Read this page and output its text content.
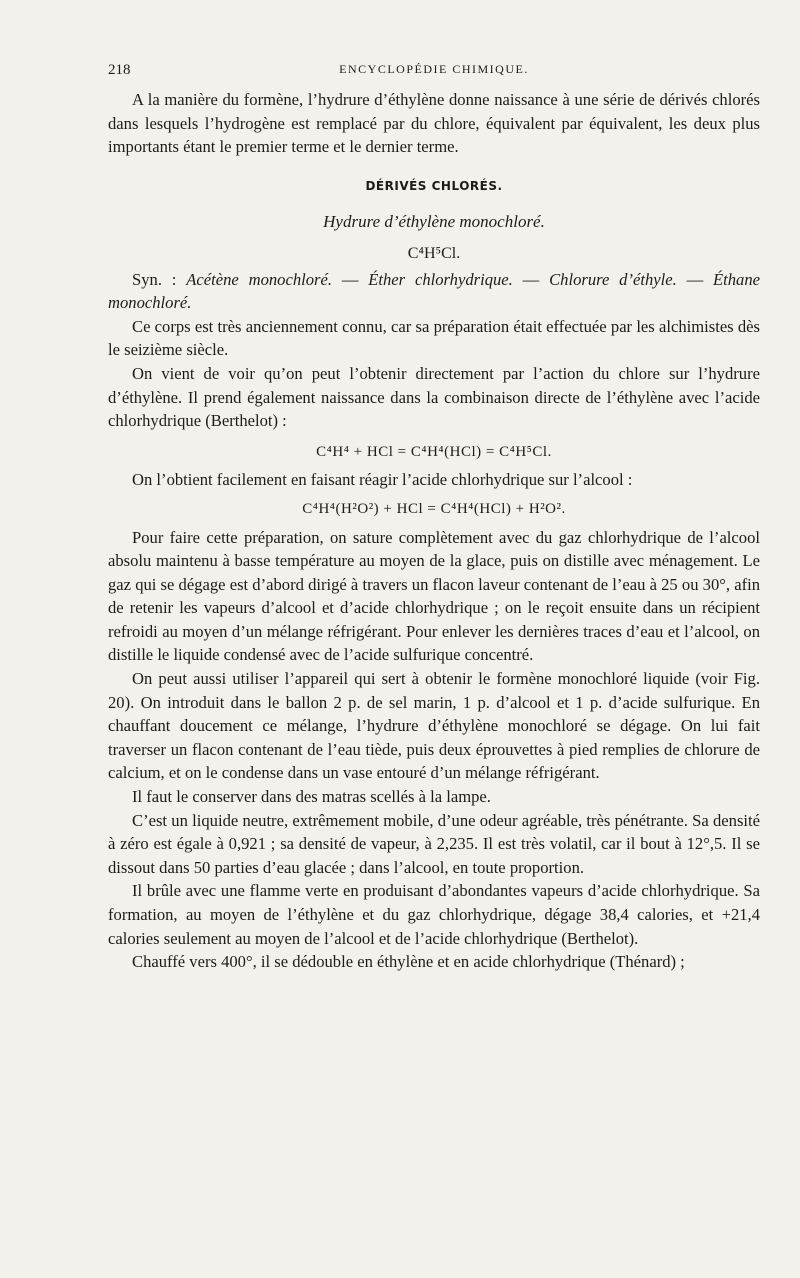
218	ENCYCLOPÉDIE CHIMIQUE.

A la manière du formène, l’hydrure d’éthylène donne naissance à une série de dérivés chlorés dans lesquels l’hydrogène est remplacé par du chlore, équivalent par équivalent, les deux plus importants étant le premier terme et le dernier terme.

DÉRIVÉS CHLORÉS.
Hydrure d’éthylène monochloré.
C⁴H⁵Cl.

Syn. : Acétène monochloré. — Éther chlorhydrique. — Chlorure d’éthyle. — Éthane monochloré.

Ce corps est très anciennement connu, car sa préparation était effectuée par les alchimistes dès le seizième siècle.

On vient de voir qu’on peut l’obtenir directement par l’action du chlore sur l’hydrure d’éthylène. Il prend également naissance dans la combinaison directe de l’éthylène avec l’acide chlorhydrique (Berthelot) :

C⁴H⁴ + HCl = C⁴H⁴(HCl) = C⁴H⁵Cl.

On l’obtient facilement en faisant réagir l’acide chlorhydrique sur l’alcool :

C⁴H⁴(H²O²) + HCl = C⁴H⁴(HCl) + H²O².

Pour faire cette préparation, on sature complètement avec du gaz chlorhydrique de l’alcool absolu maintenu à basse température au moyen de la glace, puis on distille avec ménagement. Le gaz qui se dégage est d’abord dirigé à travers un flacon laveur contenant de l’eau à 25 ou 30°, afin de retenir les vapeurs d’alcool et d’acide chlorhydrique ; on le reçoit ensuite dans un récipient refroidi au moyen d’un mélange réfrigérant. Pour enlever les dernières traces d’eau et l’alcool, on distille le liquide condensé avec de l’acide sulfurique concentré.

On peut aussi utiliser l’appareil qui sert à obtenir le formène monochloré liquide (voir Fig. 20). On introduit dans le ballon 2 p. de sel marin, 1 p. d’alcool et 1 p. d’acide sulfurique. En chauffant doucement ce mélange, l’hydrure d’éthylène monochloré se dégage. On lui fait traverser un flacon contenant de l’eau tiède, puis deux éprouvettes à pied remplies de chlorure de calcium, et on le condense dans un vase entouré d’un mélange réfrigérant.

Il faut le conserver dans des matras scellés à la lampe.

C’est un liquide neutre, extrêmement mobile, d’une odeur agréable, très pénétrante. Sa densité à zéro est égale à 0,921 ; sa densité de vapeur, à 2,235. Il est très volatil, car il bout à 12°,5. Il se dissout dans 50 parties d’eau glacée ; dans l’alcool, en toute proportion.

Il brûle avec une flamme verte en produisant d’abondantes vapeurs d’acide chlorhydrique. Sa formation, au moyen de l’éthylène et du gaz chlorhydrique, dégage 38,4 calories, et +21,4 calories seulement au moyen de l’alcool et de l’acide chlorhydrique (Berthelot).

Chauffé vers 400°, il se dédouble en éthylène et en acide chlorhydrique (Thénard) ;
